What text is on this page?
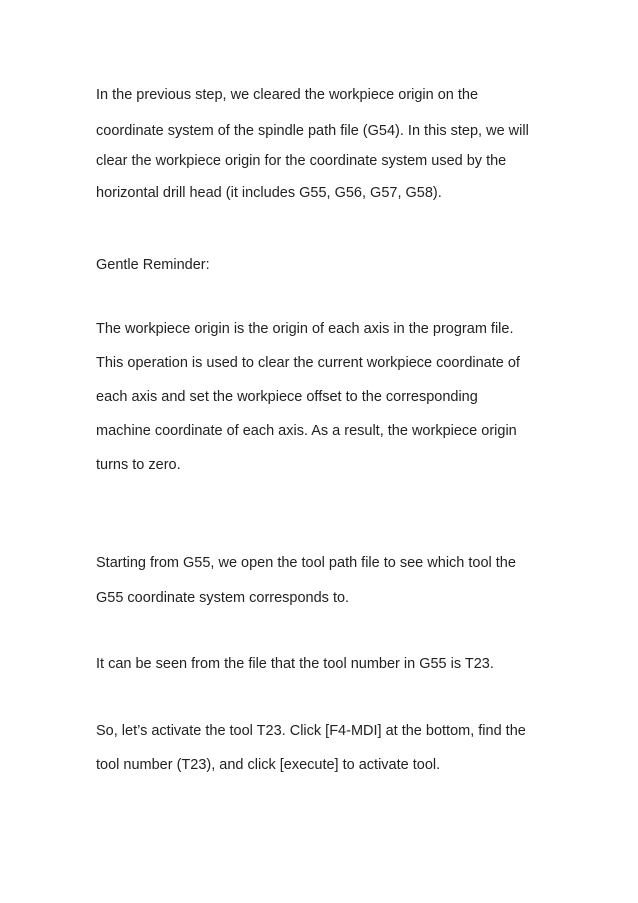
In the previous step, we cleared the workpiece origin on the

coordinate system of the spindle path file (G54). In this step, we will

clear the workpiece origin for the coordinate system used by the

horizontal drill head (it includes G55, G56, G57, G58).

Gentle Reminder:

The workpiece origin is the origin of each axis in the program file.

This operation is used to clear the current workpiece coordinate of

each axis and set the workpiece offset to the corresponding

machine coordinate of each axis. As a result, the workpiece origin

turns to zero.

Starting from G55, we open the tool path file to see which tool the

G55 coordinate system corresponds to.

It can be seen from the file that the tool number in G55 is T23.

So, let’s activate the tool T23. Click [F4-MDI] at the bottom, find the

tool number (T23), and click [execute] to activate tool.
